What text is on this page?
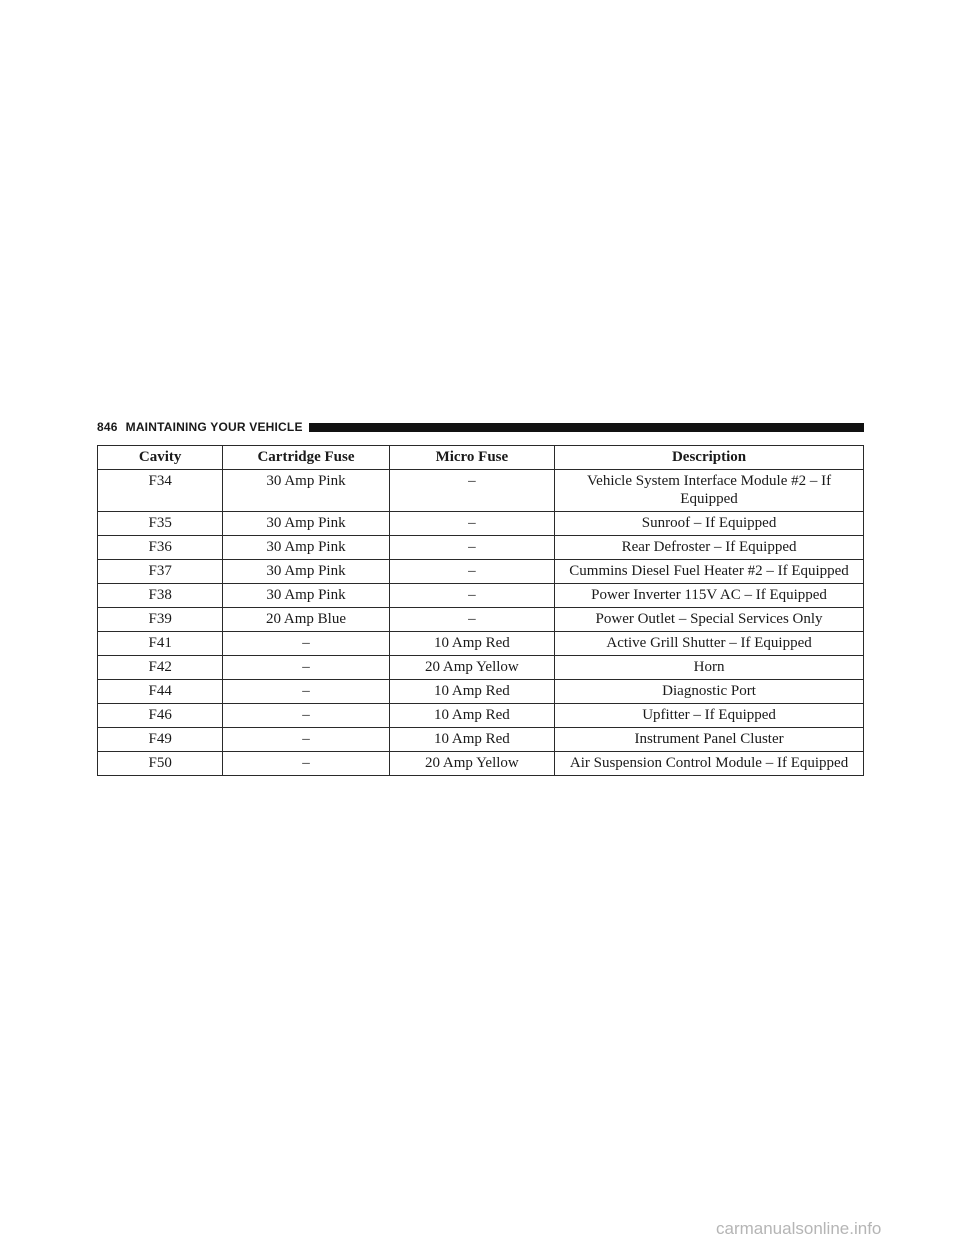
846 MAINTAINING YOUR VEHICLE
Cavity	Cartridge Fuse	Micro Fuse	Description
F34	30 Amp Pink	–	Vehicle System Interface Module #2 – If Equipped
F35	30 Amp Pink	–	Sunroof – If Equipped
F36	30 Amp Pink	–	Rear Defroster – If Equipped
F37	30 Amp Pink	–	Cummins Diesel Fuel Heater #2 – If Equipped
F38	30 Amp Pink	–	Power Inverter 115V AC – If Equipped
F39	20 Amp Blue	–	Power Outlet – Special Services Only
F41	–	10 Amp Red	Active Grill Shutter – If Equipped
F42	–	20 Amp Yellow	Horn
F44	–	10 Amp Red	Diagnostic Port
F46	–	10 Amp Red	Upfitter – If Equipped
F49	–	10 Amp Red	Instrument Panel Cluster
F50	–	20 Amp Yellow	Air Suspension Control Module – If Equipped
carmanualsonline.info
